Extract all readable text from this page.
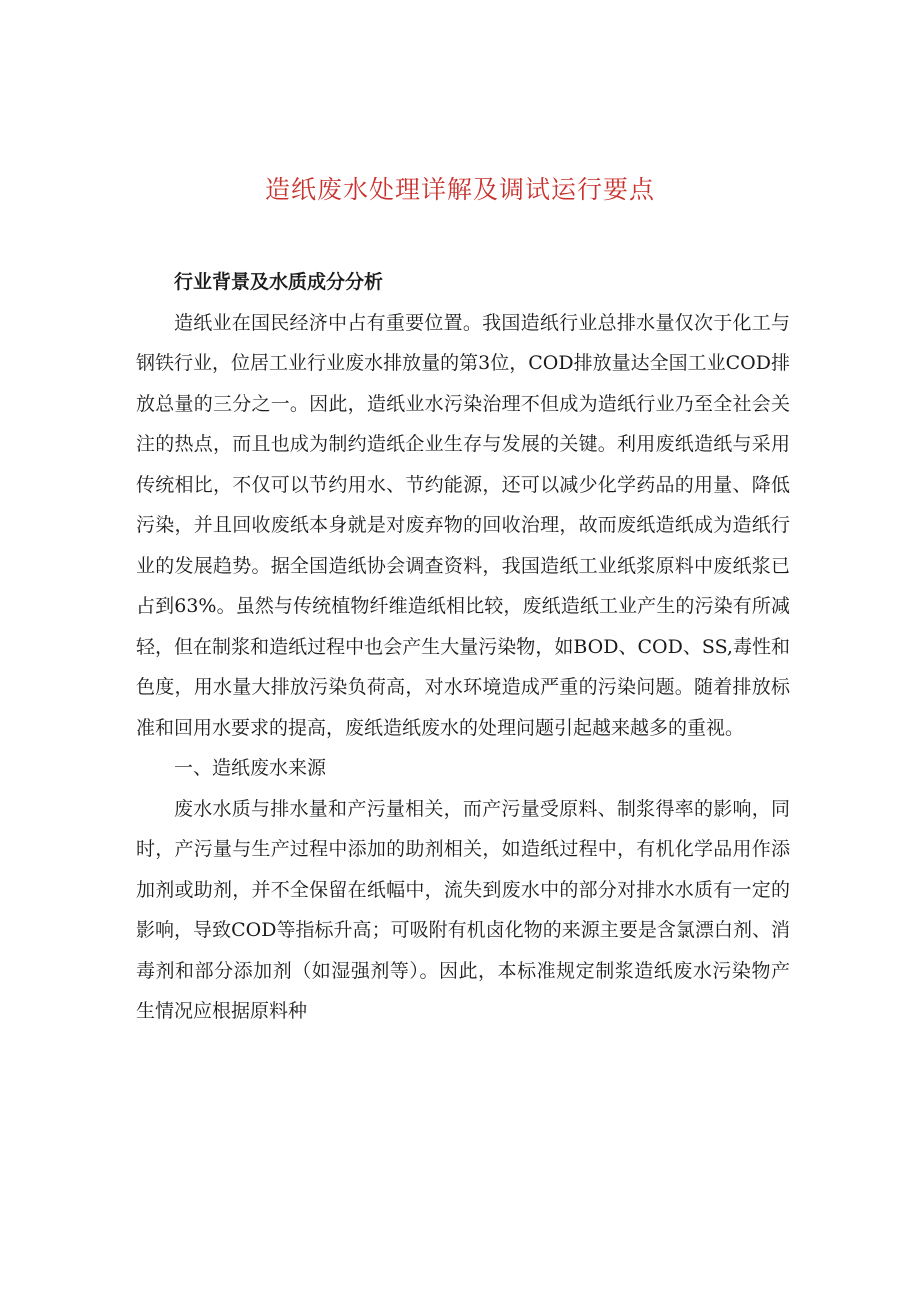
造纸废水处理详解及调试运行要点
行业背景及水质成分分析

造纸业在国民经济中占有重要位置。我国造纸行业总排水量仅次于化工与钢铁行业，位居工业行业废水排放量的第3位，COD排放量达全国工业COD排放总量的三分之一。因此，造纸业水污染治理不但成为造纸行业乃至全社会关注的热点，而且也成为制约造纸企业生存与发展的关键。利用废纸造纸与采用传统相比，不仅可以节约用水、节约能源，还可以减少化学药品的用量、降低污染，并且回收废纸本身就是对废弃物的回收治理，故而废纸造纸成为造纸行业的发展趋势。据全国造纸协会调查资料，我国造纸工业纸浆原料中废纸浆已占到63%。虽然与传统植物纤维造纸相比较，废纸造纸工业产生的污染有所减轻，但在制浆和造纸过程中也会产生大量污染物，如BOD、COD、SS,毒性和色度，用水量大排放污染负荷高，对水环境造成严重的污染问题。随着排放标准和回用水要求的提高，废纸造纸废水的处理问题引起越来越多的重视。

一、造纸废水来源

废水水质与排水量和产污量相关，而产污量受原料、制浆得率的影响，同时，产污量与生产过程中添加的助剂相关，如造纸过程中，有机化学品用作添加剂或助剂，并不全保留在纸幅中，流失到废水中的部分对排水水质有一定的影响，导致COD等指标升高；可吸附有机卤化物的来源主要是含氯漂白剂、消毒剂和部分添加剂（如湿强剂等）。因此，本标准规定制浆造纸废水污染物产生情况应根据原料种
